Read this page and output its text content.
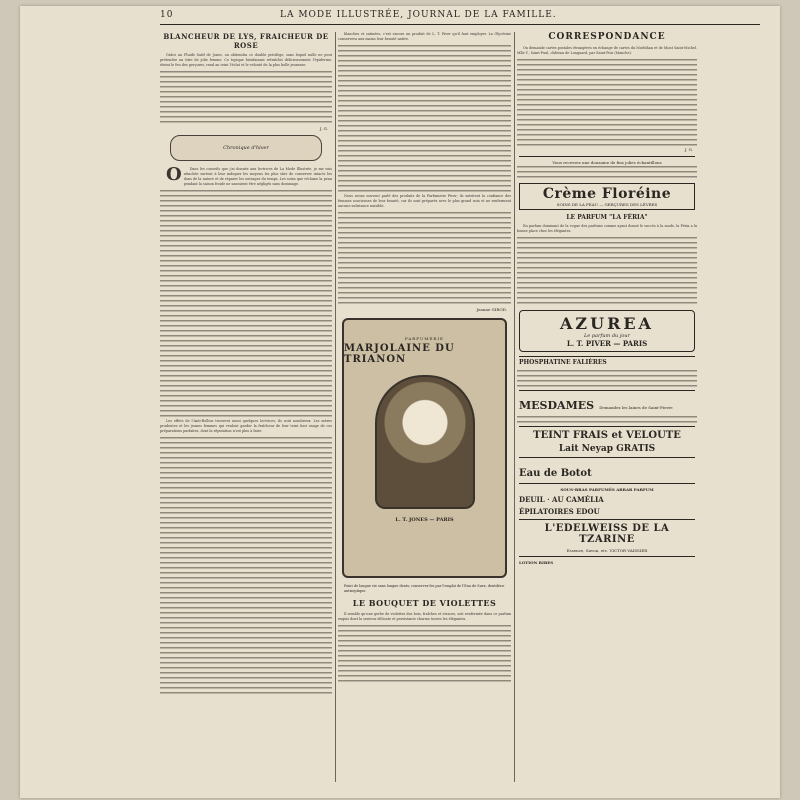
10	LA MODE ILLUSTRÉE, JOURNAL DE LA FAMILLE.
BLANCHEUR DE LYS, FRAICHEUR DE ROSE

Grâce au Fluide Satif de Jones, on obtiendra ce double privilège, sans lequel nulle ne peut prétendre au titre de jolie femme. Ce topique bienfaisant refraîchit délicieusement l'épiderme, éteint le feu des gerçures, rend au teint l'éclat et le velouté de la plus belle jeunesse.

J. G.
Chronique d'hiver

O Dans les conseils que j'ai donnés aux lectrices de La Mode Illustrée, je me suis attachée surtout à leur indiquer les moyens les plus sûrs de conserver intacts les dons de la nature et de réparer les outrages du temps. Les soins que réclame la peau pendant la saison froide ne sauraient être négligés sans dommage.

Les effets de l'Anti-Bolbos trouvent aussi quelques lectrices; ils sont nombreux. Les mères prudentes et les jeunes femmes qui veulent garder la fraîcheur de leur teint font usage de ces préparations parfaites, dont la réputation n'est plus à faire.

blanches et satinées, c'est encore un produit de L. T. Piver qu'il faut employer. La Glycérine conservera aux mains leur beauté native.

Nous avons souvent parlé des produits de la Parfumerie Piver; ils méritent la confiance des femmes soucieuses de leur beauté, car ils sont préparés avec le plus grand soin et ne renferment aucune substance nuisible.

Jeanne GIROD.
PARFUMERIE
MARJOLAINE DU TRIANON
L. T. JONES — PARIS
Point de longue vie sans longue dents; conservez-les par l'emploi de l'Eau de Suez, dentifrice antiseptique.
LE BOUQUET DE VIOLETTES

Il semble qu'une gerbe de violettes des bois, fraîches et vivaces, soit renfermée dans ce parfum exquis dont la senteur délicate et persistante charme toutes les élégantes.

CORRESPONDANCE

On demande cartes postales étrangères en échange de cartes du Morbihan et de Mont Saint-Michel. Mlle Y., Saint-Paul, château de Longuard, par Saint-Pois (Manche).

J. G.
Vous recevrez une douzaine de fins jolies échantillons
Crème Floréine
SOINS DE LA PEAU — GERÇURES DES LÈVRES
LE PARFUM "LA FÉRIA"

En parfum dominant de la vogue des parfums comme ayant donné le succès à la mode, la Féria a la bonne place chez les élégantes.

AZUREA
Le parfum du jour
L. T. PIVER — PARIS
PHOSPHATINE FALIÈRES
MESDAMES Demandez les laines de Saint-Pierre
TEINT FRAIS et VELOUTE
Lait Neyap GRATIS
Eau de Botot
SOUS-BRAS PARFUMÉS ARRAR PARFUM
DEUIL · AU CAMÉLIA
ÉPILATOIRES EDOU
L'EDELWEISS DE LA TZARINE
Essence, Savon, etc. VICTOR VAISSIER
LOTION RIBES
